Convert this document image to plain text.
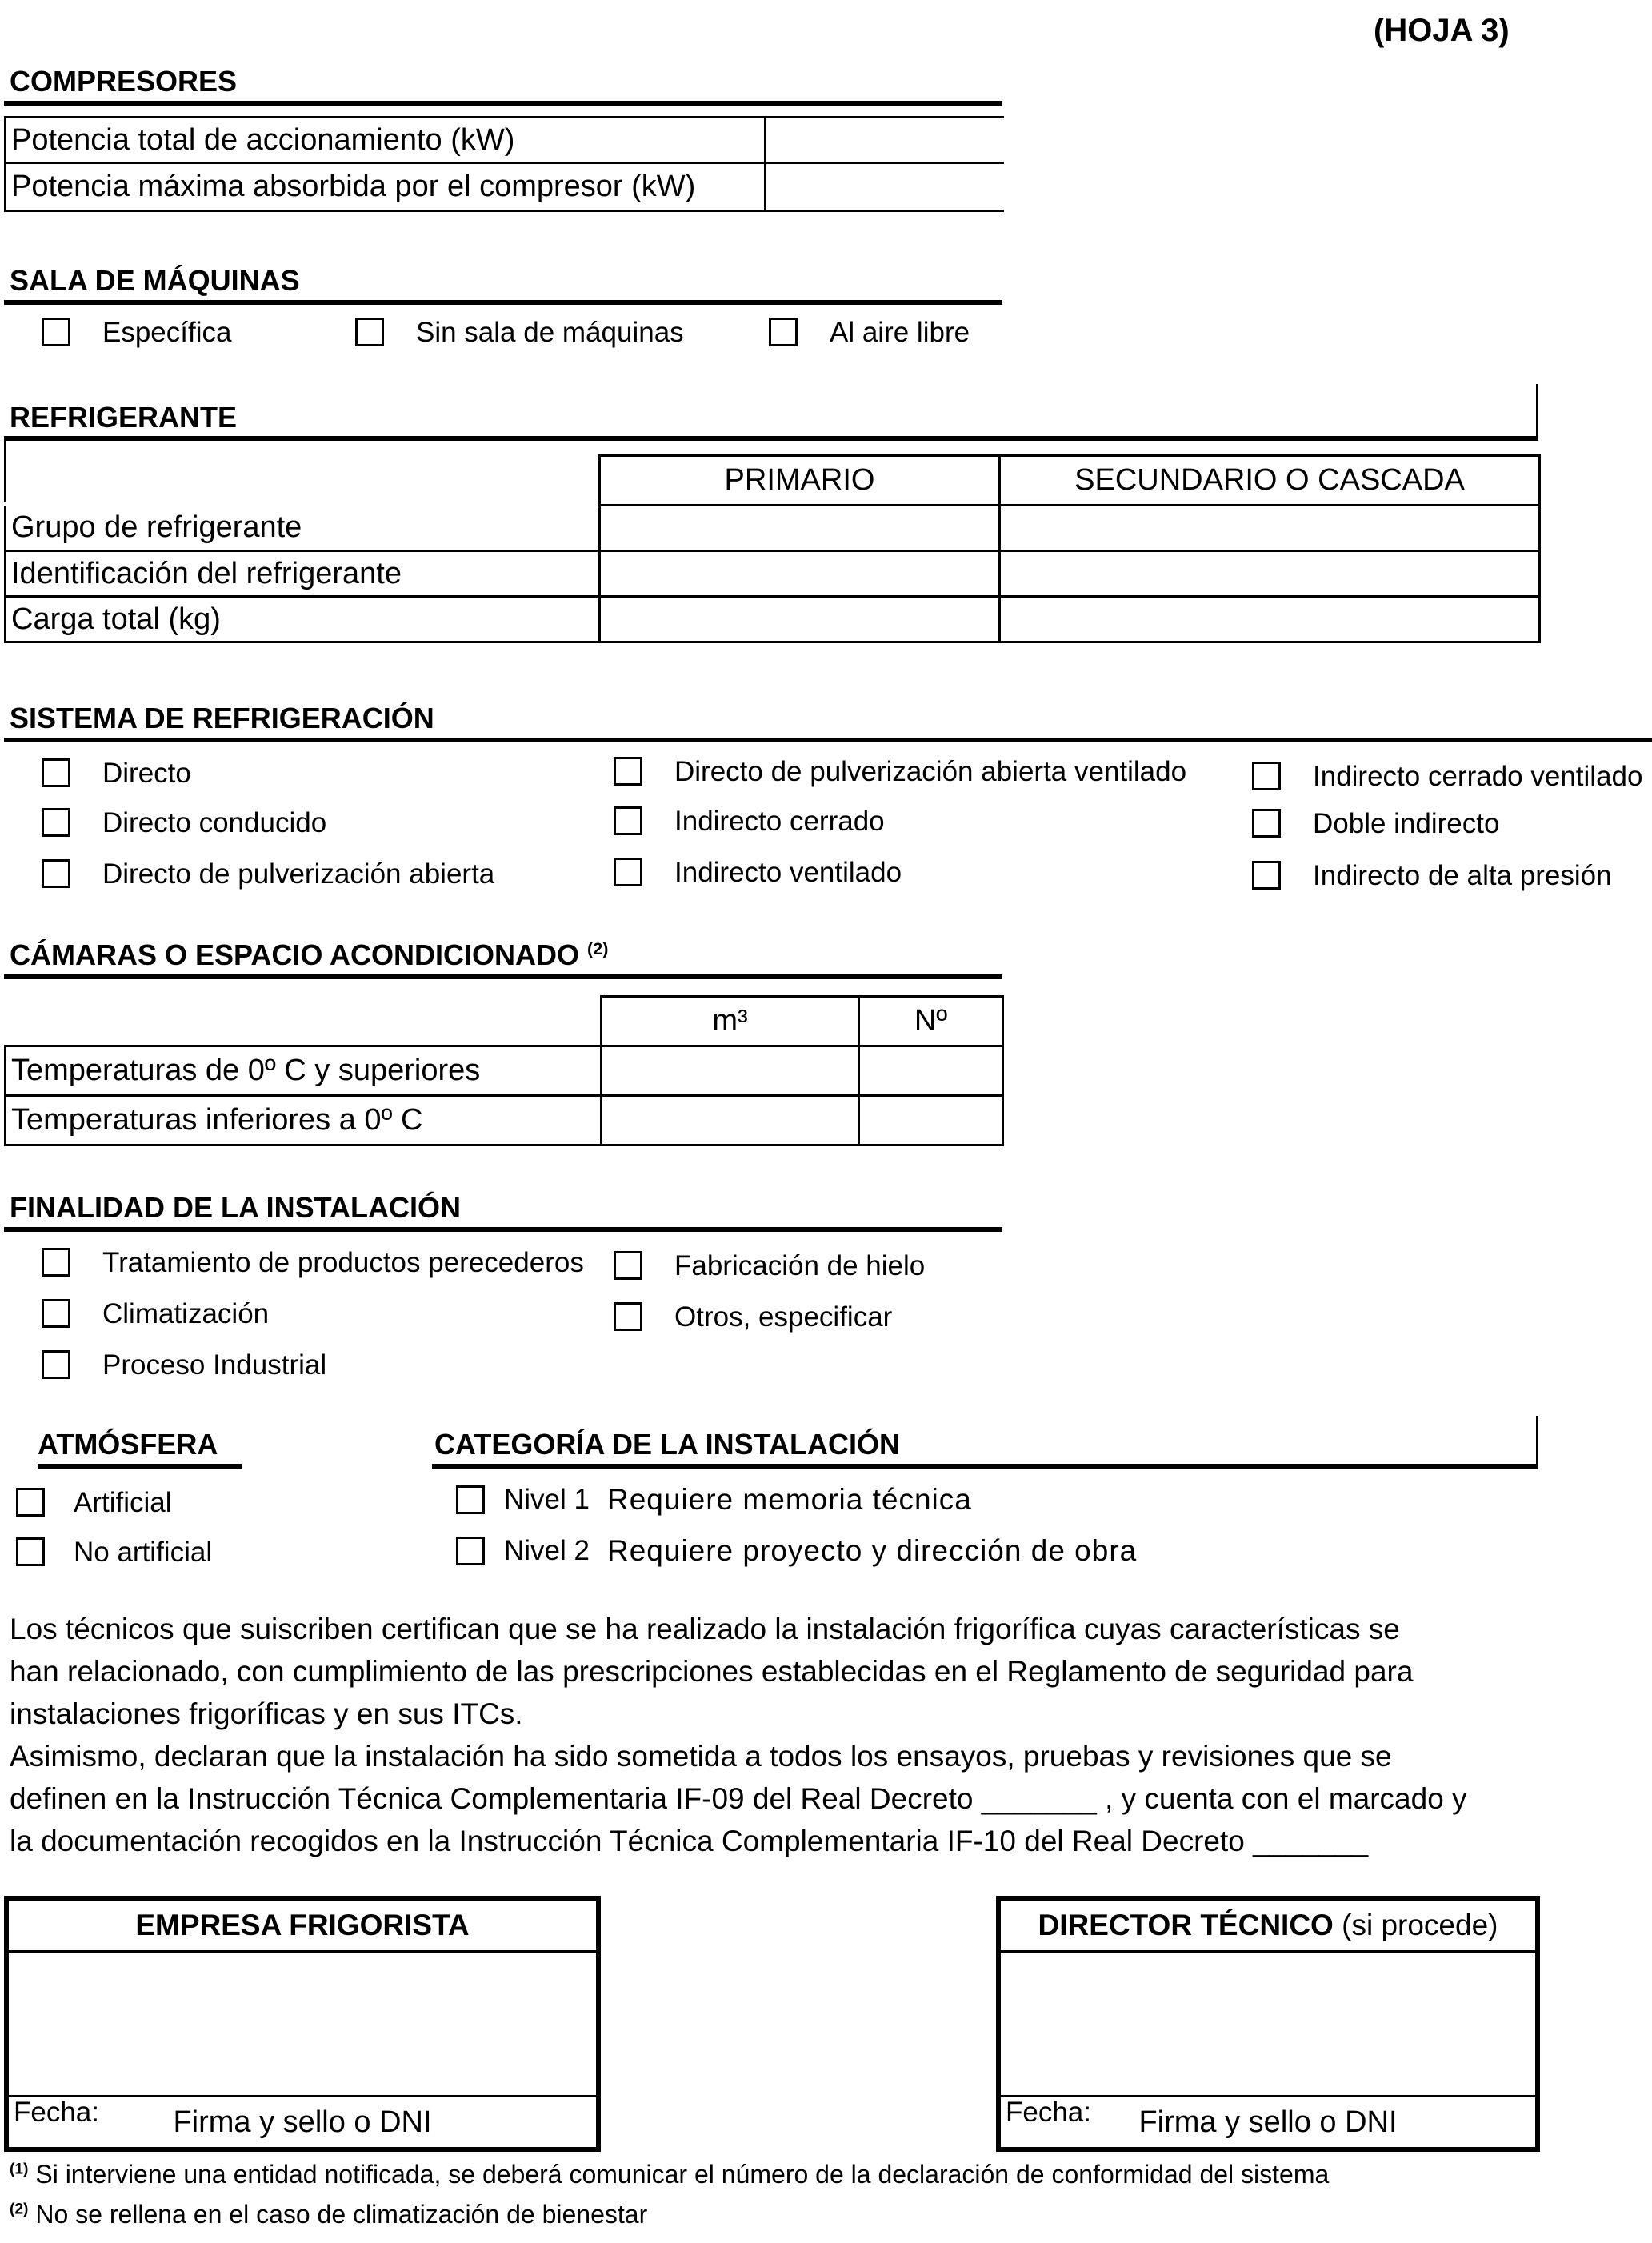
(HOJA 3)
COMPRESORES
Potencia total de accionamiento (kW)	
Potencia máxima absorbida por el compresor (kW)	
SALA DE MÁQUINAS
Específica	Sin sala de máquinas	Al aire libre
REFRIGERANTE
	PRIMARIO	SECUNDARIO O CASCADA
Grupo de refrigerante		
Identificación del refrigerante		
Carga total (kg)		
SISTEMA DE REFRIGERACIÓN
Directo
Directo conducido
Directo de pulverización abierta
Directo de pulverización abierta ventilado
Indirecto cerrado
Indirecto ventilado
Indirecto cerrado ventilado
Doble indirecto
Indirecto de alta presión
CÁMARAS O ESPACIO ACONDICIONADO $^{(2)}$
	m³	Nº
Temperaturas de 0º C y superiores		
Temperaturas inferiores a 0º C		
FINALIDAD DE LA INSTALACIÓN
Tratamiento de productos perecederos
Climatización
Proceso Industrial
Fabricación de hielo
Otros, especificar
ATMÓSFERA
Artificial
No artificial
CATEGORÍA DE LA INSTALACIÓN
Nivel 1 Requiere memoria técnica
Nivel 2 Requiere proyecto y dirección de obra
Los técnicos que suiscriben certifican que se ha realizado la instalación frigorífica cuyas características se
han relacionado, con cumplimiento de las prescripciones establecidas en el Reglamento de seguridad para
instalaciones frigoríficas y en sus ITCs.
Asimismo, declaran que la instalación ha sido sometida a todos los ensayos, pruebas y revisiones que se
definen en la Instrucción Técnica Complementaria IF-09 del Real Decreto _______ , y cuenta con el marcado y
la documentación recogidos en la Instrucción Técnica Complementaria IF-10 del Real Decreto _______
EMPRESA FRIGORISTA
Fecha:	Firma y sello o DNI
DIRECTOR TÉCNICO
(si procede)
Fecha:	Firma y sello o DNI
$^{(1)}$ Si interviene una entidad notificada, se deberá comunicar el número de la declaración de conformidad del sistema
$^{(2)}$ No se rellena en el caso de climatización de bienestar
